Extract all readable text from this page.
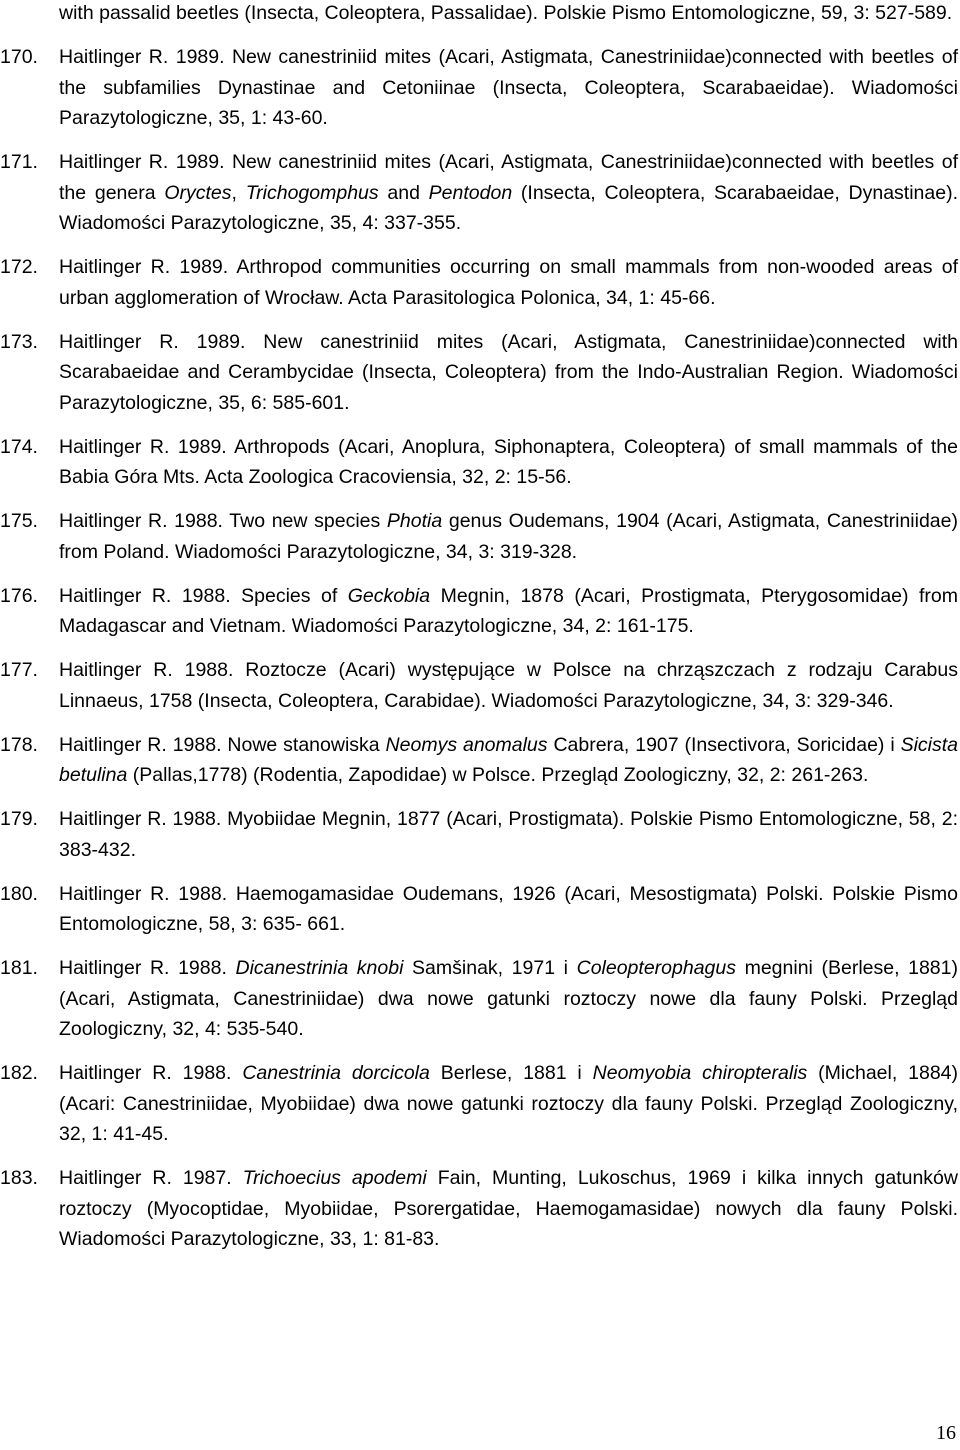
with passalid beetles (Insecta, Coleoptera, Passalidae). Polskie Pismo Entomologiczne, 59, 3: 527-589.
170.	Haitlinger R. 1989. New canestriniid mites (Acari, Astigmata, Canestriniidae)connected with beetles of the subfamilies Dynastinae and Cetoniinae (Insecta, Coleoptera, Scarabaeidae). Wiadomości Parazytologiczne, 35, 1: 43-60.
171.	Haitlinger R. 1989. New canestriniid mites (Acari, Astigmata, Canestriniidae)connected with beetles of the genera Oryctes, Trichogomphus and Pentodon (Insecta, Coleoptera, Scarabaeidae, Dynastinae). Wiadomości Parazytologiczne, 35, 4: 337-355.
172.	Haitlinger R. 1989. Arthropod communities occurring on small mammals from non-wooded areas of urban agglomeration of Wrocław. Acta Parasitologica Polonica, 34, 1: 45-66.
173.	Haitlinger R. 1989. New canestriniid mites (Acari, Astigmata, Canestriniidae)connected with Scarabaeidae and Cerambycidae (Insecta, Coleoptera) from the Indo-Australian Region. Wiadomości Parazytologiczne, 35, 6: 585-601.
174.	Haitlinger R. 1989. Arthropods (Acari, Anoplura, Siphonaptera, Coleoptera) of small mammals of the Babia Góra Mts. Acta Zoologica Cracoviensia, 32, 2: 15-56.
175.	Haitlinger R. 1988. Two new species Photia genus Oudemans, 1904 (Acari, Astigmata, Canestriniidae) from Poland. Wiadomości Parazytologiczne, 34, 3: 319-328.
176.	Haitlinger R. 1988. Species of Geckobia Megnin, 1878 (Acari, Prostigmata, Pterygosomidae) from Madagascar and Vietnam. Wiadomości Parazytologiczne, 34, 2: 161-175.
177.	Haitlinger R. 1988. Roztocze (Acari) występujące w Polsce na chrząszczach z rodzaju Carabus Linnaeus, 1758 (Insecta, Coleoptera, Carabidae). Wiadomości Parazytologiczne, 34, 3: 329-346.
178.	Haitlinger R. 1988. Nowe stanowiska Neomys anomalus Cabrera, 1907 (Insectivora, Soricidae) i Sicista betulina (Pallas,1778) (Rodentia, Zapodidae) w Polsce. Przegląd Zoologiczny, 32, 2: 261-263.
179.	Haitlinger R. 1988. Myobiidae Megnin, 1877 (Acari, Prostigmata). Polskie Pismo Entomologiczne, 58, 2: 383-432.
180.	Haitlinger R. 1988. Haemogamasidae Oudemans, 1926 (Acari, Mesostigmata) Polski. Polskie Pismo Entomologiczne, 58, 3: 635- 661.
181.	Haitlinger R. 1988. Dicanestrinia knobi Samšinak, 1971 i Coleopterophagus megnini (Berlese, 1881) (Acari, Astigmata, Canestriniidae) dwa nowe gatunki roztoczy nowe dla fauny Polski. Przegląd Zoologiczny, 32, 4: 535-540.
182.	Haitlinger R. 1988. Canestrinia dorcicola Berlese, 1881 i Neomyobia chiropteralis (Michael, 1884) (Acari: Canestriniidae, Myobiidae) dwa nowe gatunki roztoczy dla fauny Polski. Przegląd Zoologiczny, 32, 1: 41-45.
183.	Haitlinger R. 1987. Trichoecius apodemi Fain, Munting, Lukoschus, 1969 i kilka innych gatunków roztoczy (Myocoptidae, Myobiidae, Psorergatidae, Haemogamasidae) nowych dla fauny Polski. Wiadomości Parazytologiczne, 33, 1: 81-83.
16
